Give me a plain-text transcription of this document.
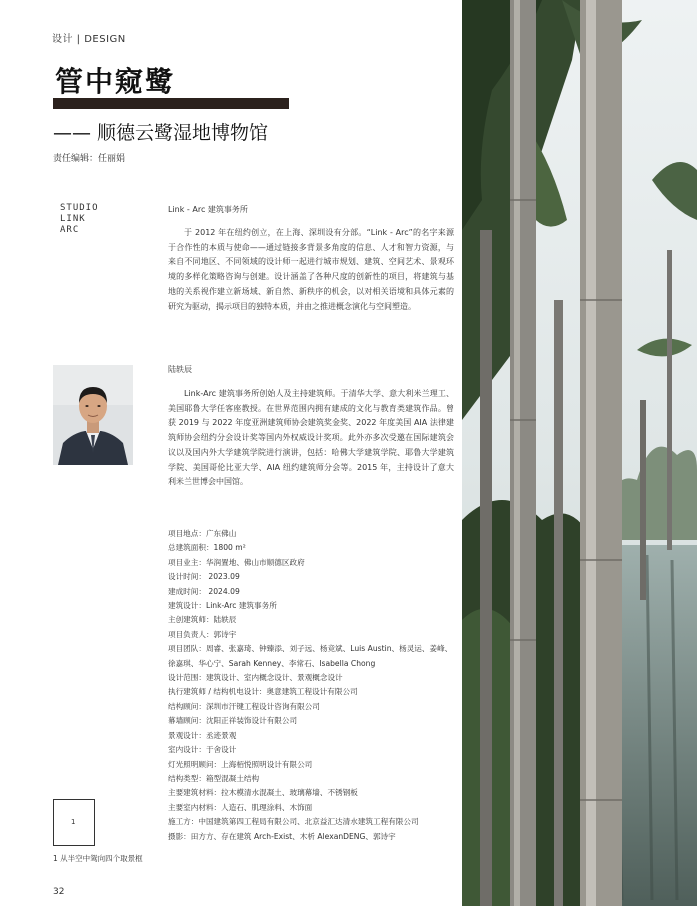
设计 | DESIGN
管中窥鹭
—— 顺德云鹭湿地博物馆
责任编辑：任丽娟
STUDIO
LINK
ARC
Link - Arc 建筑事务所
于 2012 年在纽约创立，在上海、深圳设有分部。“Link - Arc”的名字来源于合作性的本质与使命——通过链接多背景多角度的信息、人才和智力资源，与来自不同地区、不同领域的设计师一起进行城市规划、建筑、空间艺术、景观环境的多样化策略咨询与创建。设计涵盖了各种尺度的创新性的项目，将建筑与基地的关系视作建立新场域、新自然、新秩序的机会，以对相关语境和具体元素的研究为驱动，揭示项目的独特本质，并由之推进概念演化与空间塑造。
陆轶辰
Link-Arc 建筑事务所创始人及主持建筑师。于清华大学、意大利米兰理工、美国耶鲁大学任客座教授。在世界范围内拥有建成的文化与教育类建筑作品。曾获 2019 与 2022 年度亚洲建筑师协会建筑奖金奖、2022 年度美国 AIA 法律建筑师协会纽约分会设计奖等国内外权威设计奖项。此外亦多次受邀在国际建筑会议以及国内外大学建筑学院进行演讲，包括：哈佛大学建筑学院、耶鲁大学建筑学院、美国哥伦比亚大学、AIA 纽约建筑师分会等。2015 年，主持设计了意大利米兰世博会中国馆。
项目地点：广东佛山
总建筑面积：1800 m²
项目业主：华润置地、佛山市顺德区政府
设计时间： 2023.09
建成时间： 2024.09
建筑设计：Link-Arc 建筑事务所
主创建筑师：陆轶辰
项目负责人：郭诗宇
项目团队：周睿、张嘉琦、钟臻添、刘子远、杨竞斌、Luis Austin、杨灵运、姜峰、徐嘉琪、华心宁、Sarah Kenney、李常石、Isabella Chong
设计范围：建筑设计、室内概念设计、景观概念设计
执行建筑师 / 结构机电设计：奥意建筑工程设计有限公司
结构顾问：深圳市汗键工程设计咨询有限公司
幕墙顾问：沈阳正祥装饰设计有限公司
景观设计：丞迹景观
室内设计：于舍设计
灯光照明顾问：上海栢悦照明设计有限公司
结构类型：箱型混凝土结构
主要建筑材料：拉木模清水混凝土、玻璃幕墙、不锈钢板
主要室内材料：人造石、肌理涂料、木饰面
施工方：中国建筑第四工程局有限公司、北京益汇达清水建筑工程有限公司
摄影：田方方、存在建筑 Arch-Exist、木析 AlexanDENG、郭诗宇
1
1 从半空中鸳向四个取景框
32
